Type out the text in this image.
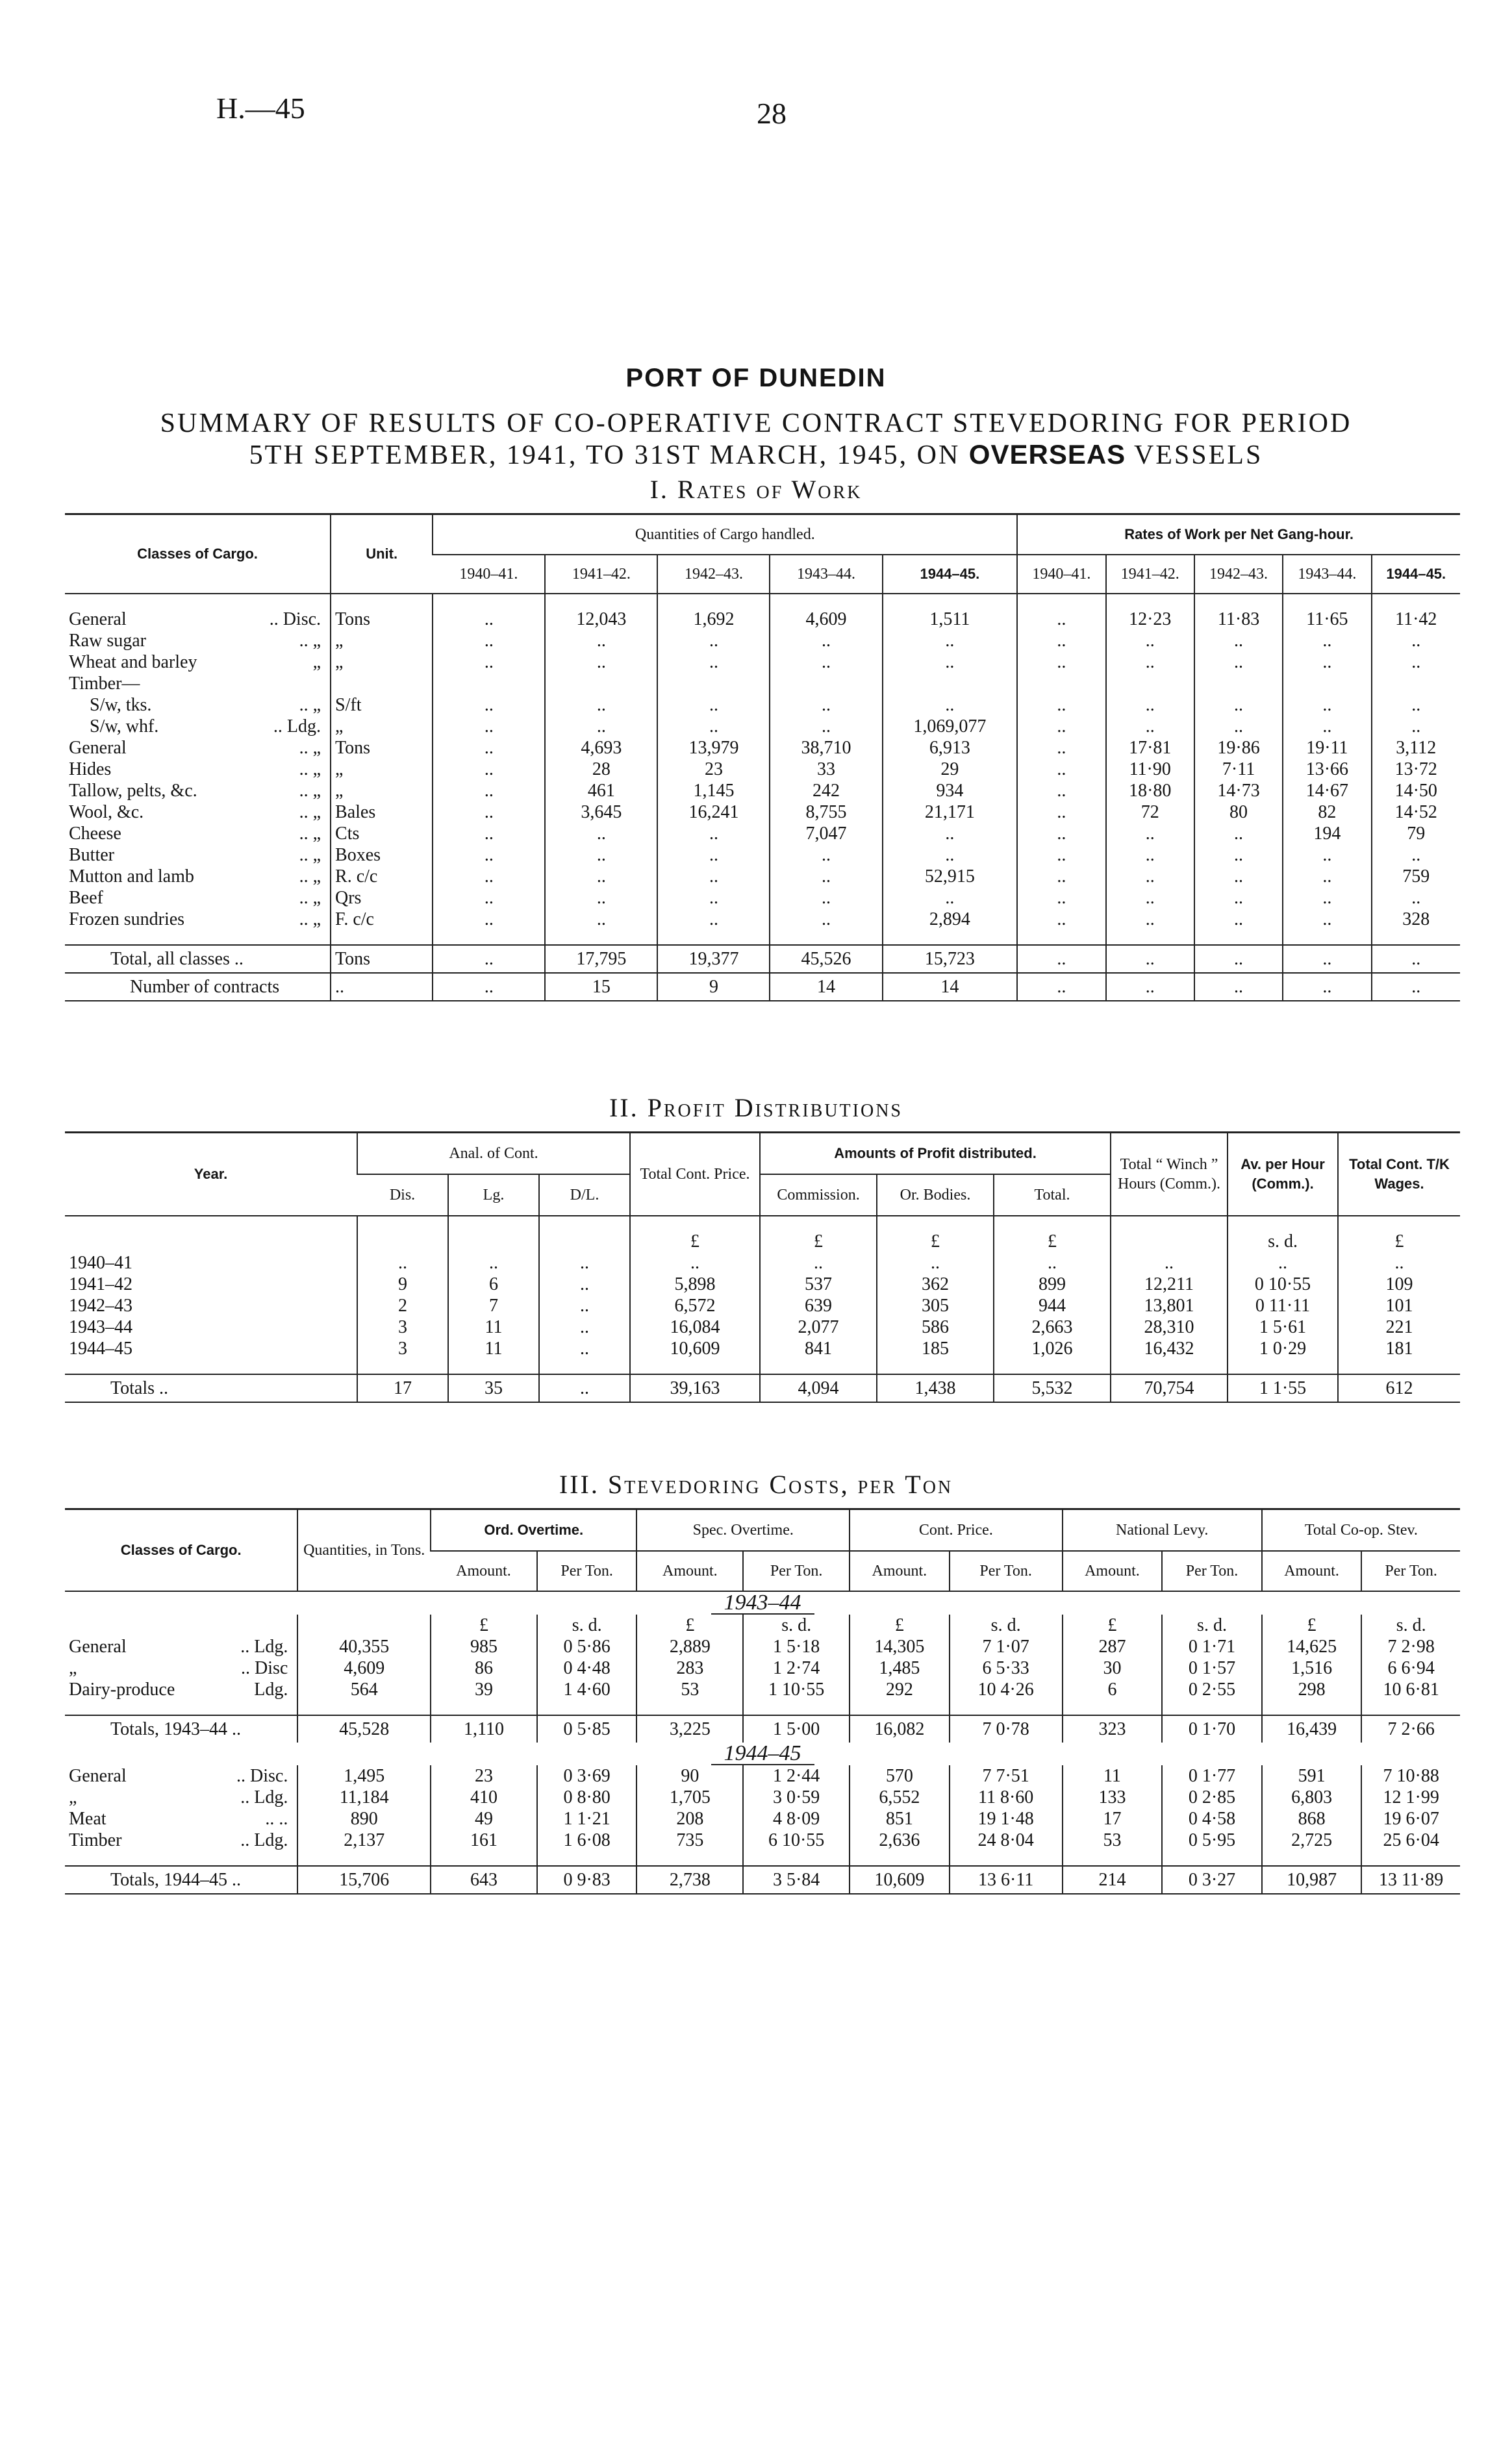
H.—45	28
PORT OF DUNEDIN
SUMMARY OF RESULTS OF CO-OPERATIVE CONTRACT STEVEDORING FOR PERIOD
5TH SEPTEMBER, 1941, TO 31ST MARCH, 1945, ON OVERSEAS VESSELS
I. Rates of Work
Classes of Cargo.	Unit.	Quantities of Cargo handled.					Rates of Work per Net Gang-hour.				
		1940–41.	1941–42.	1942–43.	1943–44.	1944–45.	1940–41.	1941–42.	1942–43.	1943–44.	1944–45.

General .. Disc.	Tons	..	12,043	1,692	4,609	1,511	..	12·23	11·83	11·65	11·42
Raw sugar .. „	„	..	..	..	..	..	..	..	..	..	..
Wheat and barley „	„	..	..	..	..	..	..	..	..	..	..
Timber—

S/w, tks. .. „	S/ft	..	..	..	..	..	..	..	..	..	..
S/w, whf. .. Ldg.	„	..	..	..	..	1,069,077	..	..	..	..	..
General .. „	Tons	..	4,693	13,979	38,710	6,913	..	17·81	19·86	19·11	3,112
Hides .. „	„	..	28	23	33	29	..	11·90	7·11	13·66	13·72
Tallow, pelts, &c. .. „	„	..	461	1,145	242	934	..	18·80	14·73	14·67	14·50
Wool, &c. .. „	Bales	..	3,645	16,241	8,755	21,171	..	72	80	82	14·52
Cheese .. „	Cts	..	..	..	7,047	..	..	..	..	194	79
Butter .. „	Boxes	..	..	..	..	..	..	..	..	..	..
Mutton and lamb .. „	R. c/c	..	..	..	..	52,915	..	..	..	..	759
Beef .. „	Qrs	..	..	..	..	..	..	..	..	..	..
Frozen sundries .. „	F. c/c	..	..	..	..	2,894	..	..	..	..	328

Total, all classes ..	Tons	..	17,795	19,377	45,526	15,723	..	..	..	..	..
Number of contracts	..	..	15	9	14	14	..	..	..	..	..
II. Profit Distributions
Year.	Anal. of Cont.			Total Cont. Price.	Amounts of Profit distributed.			Total “ Winch ” Hours (Comm.).	Av. per Hour (Comm.).	Total Cont. T/K Wages.
	Dis.	Lg.	D/L.		Commission.	Or. Bodies.	Total.			

				£	£	£	£		s. d.	£
1940–41	..	..	..	..	..	..	..	..	..	..
1941–42	9	6	..	5,898	537	362	899	12,211	0 10·55	109
1942–43	2	7	..	6,572	639	305	944	13,801	0 11·11	101
1943–44	3	11	..	16,084	2,077	586	2,663	28,310	1 5·61	221
1944–45	3	11	..	10,609	841	185	1,026	16,432	1 0·29	181

Totals ..	17	35	..	39,163	4,094	1,438	5,532	70,754	1 1·55	612
III. Stevedoring Costs, per Ton
Classes of Cargo.	Quantities, in Tons.	Ord. Overtime.		Spec. Overtime.		Cont. Price.		National Levy.		Total Co-op. Stev.	
		Amount.	Per Ton.	Amount.	Per Ton.	Amount.	Per Ton.	Amount.	Per Ton.	Amount.	Per Ton.
1943–44											
		£	s. d.	£	s. d.	£	s. d.	£	s. d.	£	s. d.
General .. Ldg.	40,355	985	0 5·86	2,889	1 5·18	14,305	7 1·07	287	0 1·71	14,625	7 2·98
„ .. Disc	4,609	86	0 4·48	283	1 2·74	1,485	6 5·33	30	0 1·57	1,516	6 6·94
Dairy-produce Ldg.	564	39	1 4·60	53	1 10·55	292	10 4·26	6	0 2·55	298	10 6·81

Totals, 1943–44 ..	45,528	1,110	0 5·85	3,225	1 5·00	16,082	7 0·78	323	0 1·70	16,439	7 2·66
1944–45											
General .. Disc.	1,495	23	0 3·69	90	1 2·44	570	7 7·51	11	0 1·77	591	7 10·88
„ .. Ldg.	11,184	410	0 8·80	1,705	3 0·59	6,552	11 8·60	133	0 2·85	6,803	12 1·99
Meat .. ..	890	49	1 1·21	208	4 8·09	851	19 1·48	17	0 4·58	868	19 6·07
Timber .. Ldg.	2,137	161	1 6·08	735	6 10·55	2,636	24 8·04	53	0 5·95	2,725	25 6·04

Totals, 1944–45 ..	15,706	643	0 9·83	2,738	3 5·84	10,609	13 6·11	214	0 3·27	10,987	13 11·89
